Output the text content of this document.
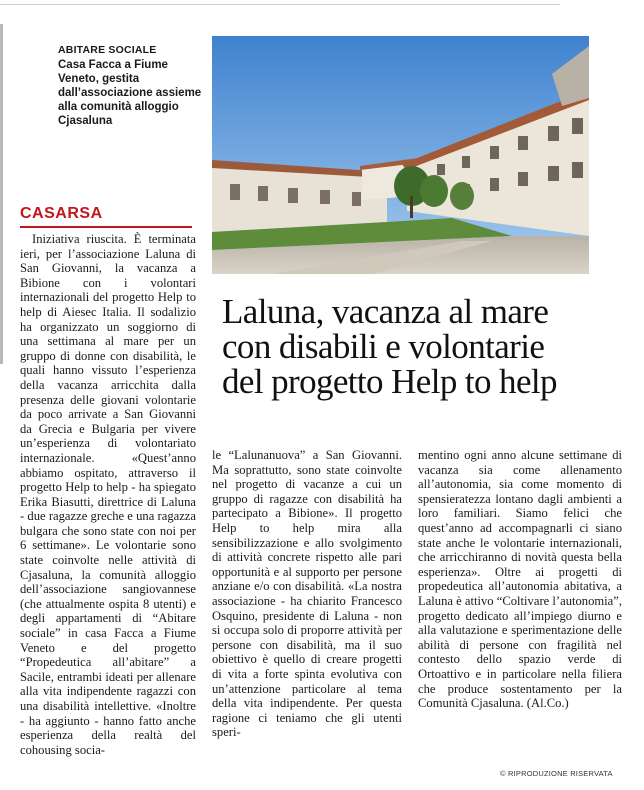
ABITARE SOCIALE

Casa Facca a Fiume Veneto, gestita dall’associazione assieme alla comunità alloggio Cjasaluna

CASARSA
Laluna, vacanza al mare
con disabili e volontarie
del progetto Help to help

Iniziativa riuscita. È terminata ieri, per l’associazione Laluna di San Giovanni, la vacanza a Bibione con i volontari internazionali del progetto Help to help di Aiesec Italia. Il sodalizio ha organizzato un soggiorno di una settimana al mare per un gruppo di donne con disabilità, le quali hanno vissuto l’esperienza della vacanza arricchita dalla presenza delle giovani volontarie da poco arrivate a San Giovanni da Grecia e Bulgaria per vivere un’esperienza di volontariato internazionale. «Quest’anno abbiamo ospitato, attraverso il progetto Help to help - ha spiegato Erika Biasutti, direttrice di Laluna - due ragazze greche e una ragazza bulgara che sono state con noi per 6 settimane». Le volontarie sono state coinvolte nelle attività di Cjasaluna, la comunità alloggio dell’associazione sangiovannese (che attualmente ospita 8 utenti) e degli appartamenti di “Abitare sociale” in casa Facca a Fiume Veneto e del progetto “Propedeutica all’abitare” a Sacile, entrambi ideati per allenare alla vita indipendente ragazzi con una disabilità intellettive. «Inoltre - ha aggiunto - hanno fatto anche esperienza della realtà del cohousing socia-

le “Lalunanuova” a San Giovanni. Ma soprattutto, sono state coinvolte nel progetto di vacanze a cui un gruppo di ragazze con disabilità ha partecipato a Bibione». Il progetto Help to help mira alla sensibilizzazione e allo svolgimento di attività concrete rispetto alle pari opportunità e al supporto per persone anziane e/o con disabilità. «La nostra associazione - ha chiarito Francesco Osquino, presidente di Laluna - non si occupa solo di proporre attività per persone con disabilità, ma il suo obiettivo è quello di creare progetti di vita a forte spinta evolutiva con un’attenzione particolare al tema della vita indipendente. Per questa ragione ci teniamo che gli utenti speri-

mentino ogni anno alcune settimane di vacanza sia come allenamento all’autonomia, sia come momento di spensieratezza lontano dagli ambienti a loro familiari. Siamo felici che quest’anno ad accompagnarli ci siano state anche le volontarie internazionali, che arricchiranno di novità questa bella esperienza». Oltre ai progetti di propedeutica all’autonomia abitativa, a Laluna è attivo “Coltivare l’autonomia”, progetto dedicato all’impiego diurno e alla valutazione e sperimentazione delle abilità di persone con fragilità nel contesto dello spazio verde di Ortoattivo e in particolare nella filiera che produce sostentamento per la Comunità Cjasaluna. (Al.Co.)

© RIPRODUZIONE RISERVATA
